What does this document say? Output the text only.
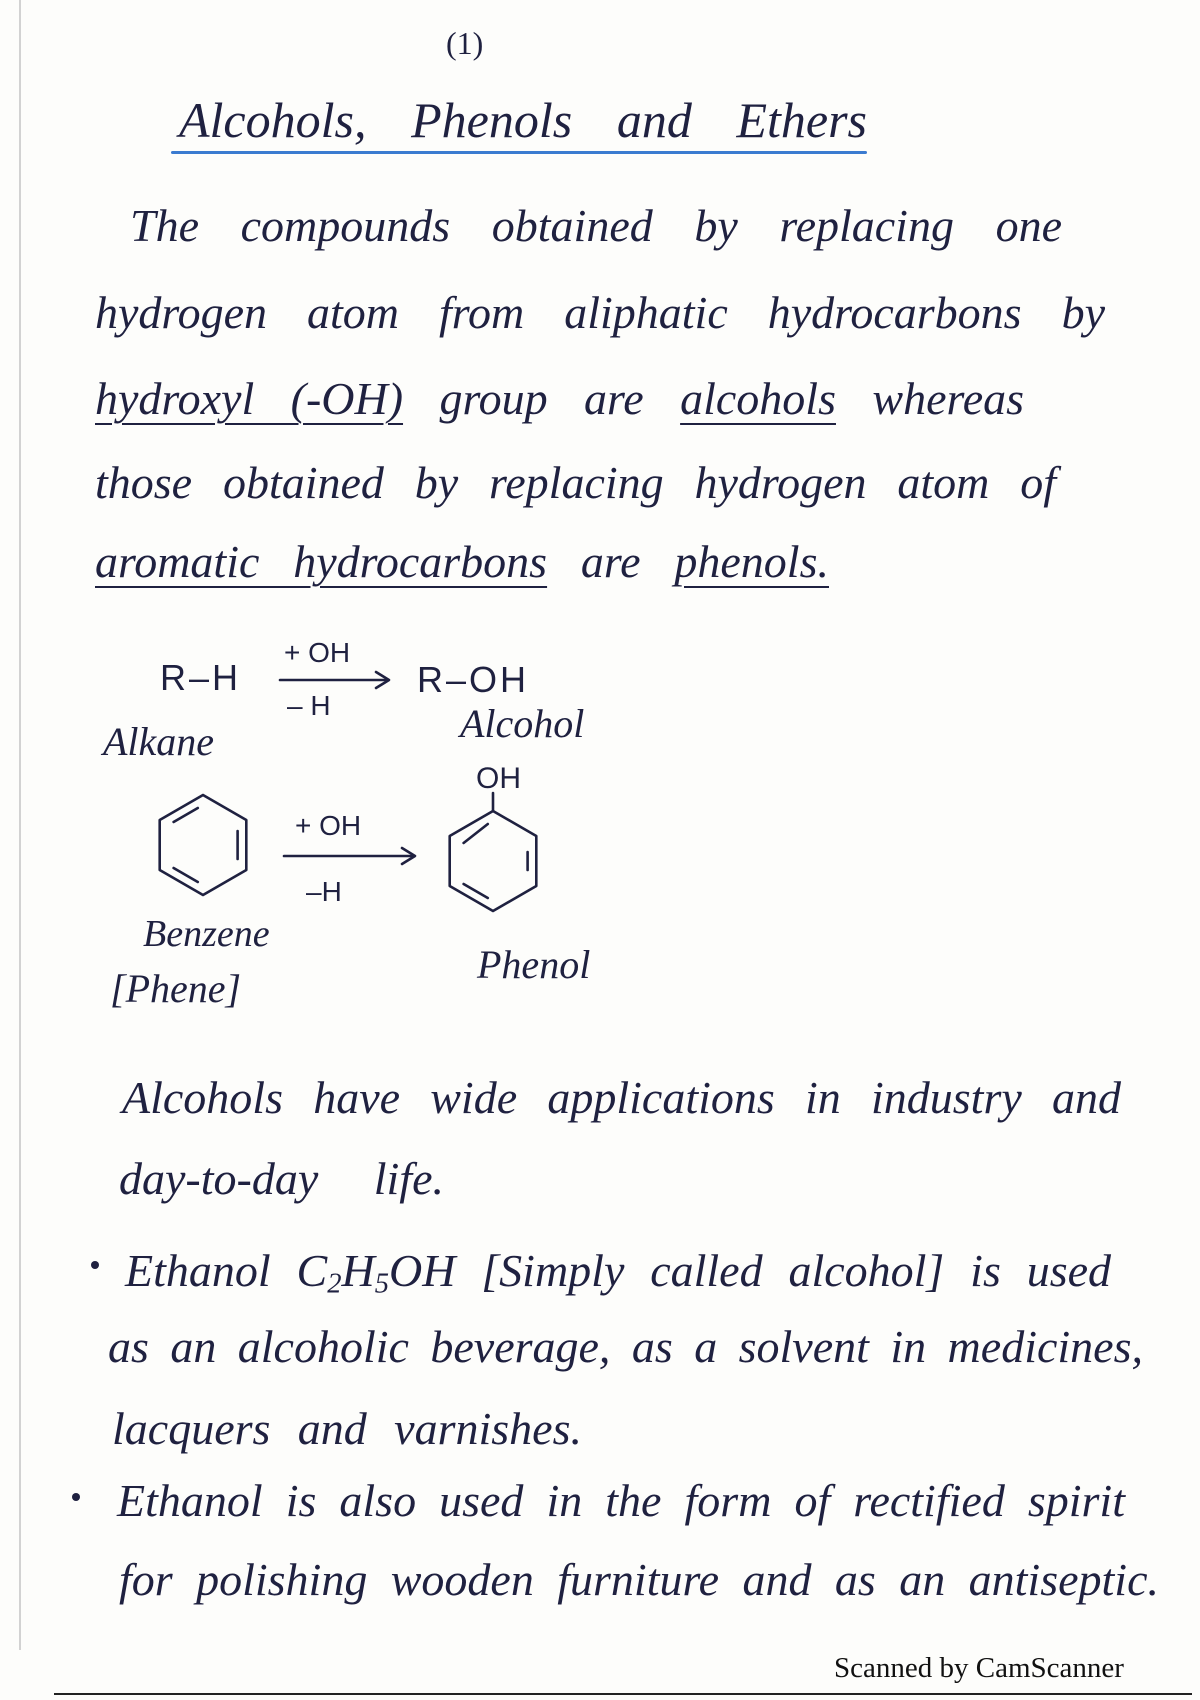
(1)
Alcohols, Phenols and Ethers
The compounds obtained by replacing one
hydrogen atom from aliphatic hydrocarbons by
hydroxyl (-OH) group are alcohols whereas
those obtained by replacing hydrogen atom of
aromatic hydrocarbons are phenols.
R–H
+ OH
– H
R–OH
Alkane	Alcohol
OH
+ OH
–H
Benzene
[Phene]
Phenol
Alcohols have wide applications in industry and
day-to-day life.
Ethanol $C_2H_5OH$ [Simply called alcohol] is used
as an alcoholic beverage, as a solvent in medicines,
lacquers and varnishes.
Ethanol is also used in the form of rectified spirit
for polishing wooden furniture and as an antiseptic.
Scanned by CamScanner
